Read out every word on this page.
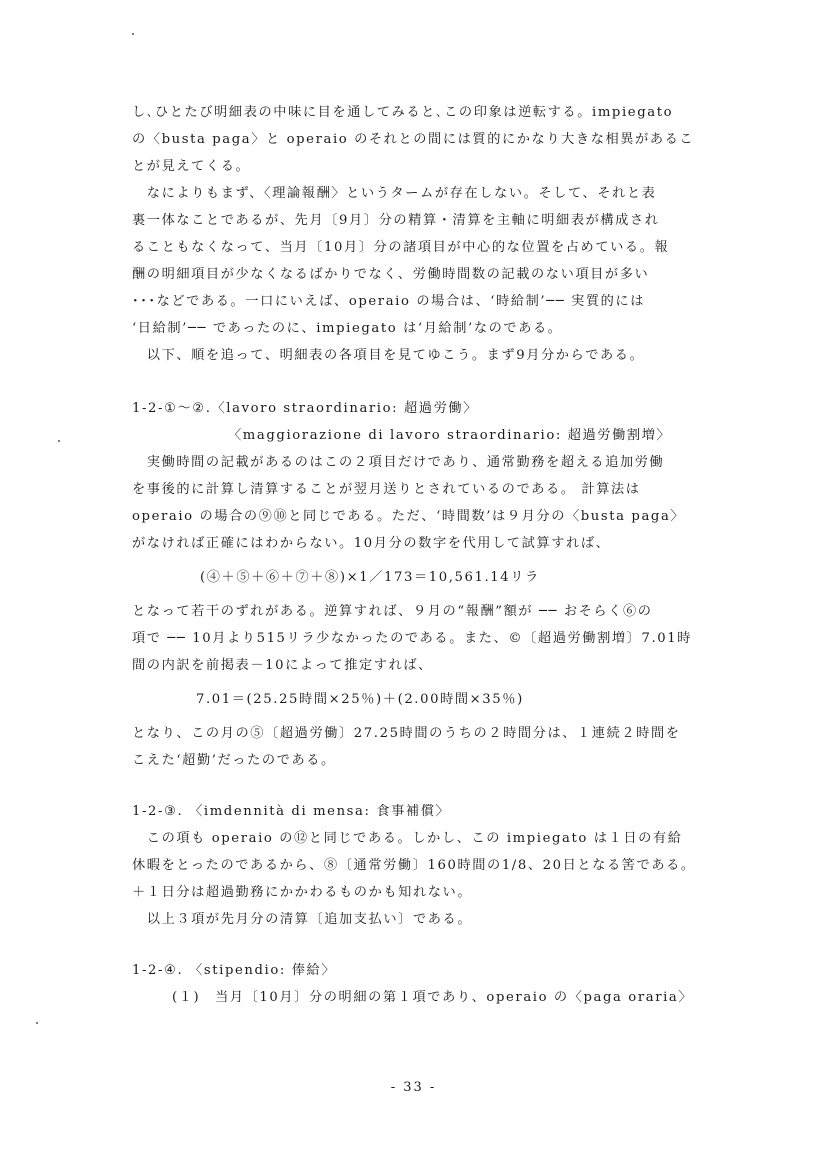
し､ひとたび明細表の中味に目を通してみると､この印象は逆転する。impiegato
の〈busta paga〉と operaio のそれとの間には質的にかなり大きな相異があるこ
とが見えてくる。
　なによりもまず、〈理論報酬〉というタームが存在しない。そして、それと表
裏一体なことであるが、先月〔9月〕分の精算・清算を主軸に明細表が構成され
ることもなくなって、当月〔10月〕分の諸項目が中心的な位置を占めている。報
酬の明細項目が少なくなるばかりでなく、労働時間数の記載のない項目が多い
･･･などである。一口にいえば、operaio の場合は、‘時給制’── 実質的には
‘日給制’── であったのに、impiegato は‘月給制’なのである。
　以下、順を追って、明細表の各項目を見てゆこう。まず9月分からである。
1-2-①～②.〈lavoro straordinario: 超過労働〉
〈maggiorazione di lavoro straordinario: 超過労働割増〉
　実働時間の記載があるのはこの２項目だけであり、通常勤務を超える追加労働
を事後的に計算し清算することが翌月送りとされているのである。 計算法は
operaio の場合の⑨⑩と同じである。ただ、‘時間数’は９月分の〈busta paga〉
がなければ正確にはわからない。10月分の数字を代用して試算すれば、
(④＋⑤＋⑥＋⑦＋⑧)×1／173＝10,561.14リラ
となって若干のずれがある。逆算すれば、９月の“報酬”額が ── おそらく⑥の
項で ── 10月より515リラ少なかったのである。また、©〔超過労働割増〕7.01時
間の内訳を前掲表－10によって推定すれば、
7.01＝(25.25時間×25％)＋(2.00時間×35％)
となり、この月の⑤〔超過労働〕27.25時間のうちの２時間分は、１連続２時間を
こえた‘超勤’だったのである。
1-2-③. 〈imdennità di mensa: 食事補償〉
　この項も operaio の⑫と同じである。しかし、この impiegato は１日の有給
休暇をとったのであるから、⑧〔通常労働〕160時間の1/8、20日となる筈である。
＋１日分は超過勤務にかかわるものかも知れない。
　以上３項が先月分の清算〔追加支払い〕である。
1-2-④. 〈stipendio: 俸給〉
(１)　当月〔10月〕分の明細の第１項であり、operaio の〈paga oraria〉
- 33 -
